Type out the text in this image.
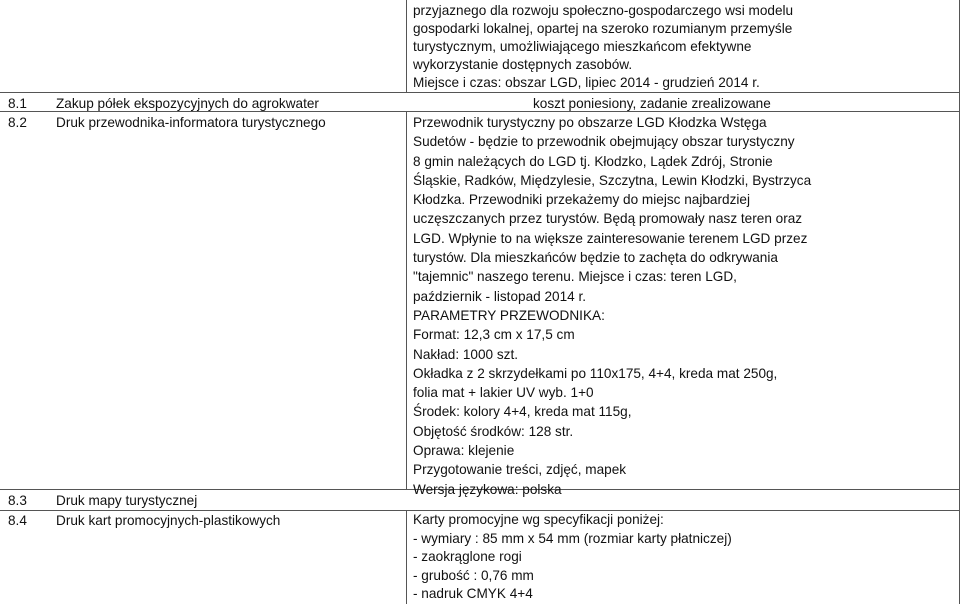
przyjaznego dla rozwoju społeczno-gospodarczego wsi modelu
gospodarki lokalnej, opartej na szeroko rozumianym przemyśle
turystycznym, umożliwiającego mieszkańcom efektywne
wykorzystanie dostępnych zasobów.
Miejsce i czas: obszar LGD, lipiec 2014 - grudzień 2014 r.
8.1 Zakup półek ekspozycyjnych do agrokwater	koszt poniesiony, zadanie zrealizowane
8.2 Druk przewodnika-informatora turystycznego	Przewodnik turystyczny po obszarze LGD Kłodzka Wstęga
Sudetów - będzie to przewodnik obejmujący obszar turystyczny
8 gmin należących do LGD tj. Kłodzko, Lądek Zdrój, Stronie
Śląskie, Radków, Międzylesie, Szczytna, Lewin Kłodzki, Bystrzyca
Kłodzka. Przewodniki przekażemy do miejsc najbardziej
uczęszczanych przez turystów. Będą promowały nasz teren oraz
LGD. Wpłynie to na większe zainteresowanie terenem LGD przez
turystów. Dla mieszkańców będzie to zachęta do odkrywania
"tajemnic" naszego terenu. Miejsce i czas: teren LGD,
październik - listopad 2014 r.
PARAMETRY PRZEWODNIKA:
Format: 12,3 cm x 17,5 cm
Nakład: 1000 szt.
Okładka z 2 skrzydełkami po 110x175, 4+4, kreda mat 250g,
folia mat + lakier UV wyb. 1+0
Środek: kolory 4+4, kreda mat 115g,
Objętość środków: 128 str.
Oprawa: klejenie
Przygotowanie treści, zdjęć, mapek
Wersja językowa: polska
8.3 Druk mapy turystycznej
8.4 Druk kart promocyjnych-plastikowych	Karty promocyjne wg specyfikacji poniżej:
- wymiary : 85 mm x 54 mm (rozmiar karty płatniczej)
- zaokrąglone rogi
- grubość : 0,76 mm
- nadruk CMYK 4+4
